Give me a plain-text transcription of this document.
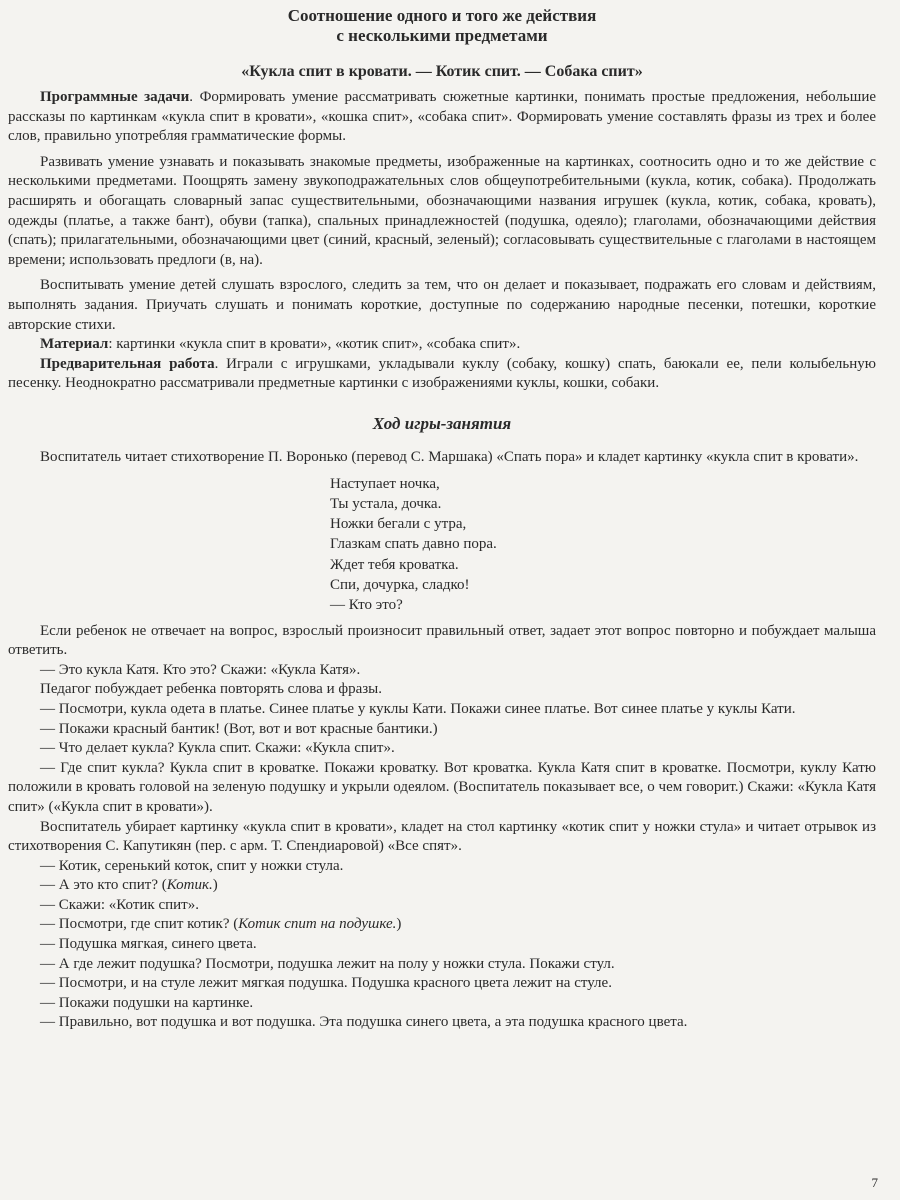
Соотношение одного и того же действия
с несколькими предметами
«Кукла спит в кровати. — Котик спит. — Собака спит»

Программные задачи. Формировать умение рассматривать сюжетные картинки, понимать простые предложения, небольшие рассказы по картинкам «кукла спит в кровати», «кошка спит», «собака спит». Формировать умение составлять фразы из трех и более слов, правильно употребляя грамматические формы.

Развивать умение узнавать и показывать знакомые предметы, изображенные на картинках, соотносить одно и то же действие с несколькими предметами. Поощрять замену звукоподражательных слов общеупотребительными (кукла, котик, собака). Продолжать расширять и обогащать словарный запас существительными, обозначающими названия игрушек (кукла, котик, собака, кровать), одежды (платье, а также бант), обуви (тапка), спальных принадлежностей (подушка, одеяло); глаголами, обозначающими действия (спать); прилагательными, обозначающими цвет (синий, красный, зеленый); согласовывать существительные с глаголами в настоящем времени; использовать предлоги (в, на).

Воспитывать умение детей слушать взрослого, следить за тем, что он делает и показывает, подражать его словам и действиям, выполнять задания. Приучать слушать и понимать короткие, доступные по содержанию народные песенки, потешки, короткие авторские стихи.

Материал: картинки «кукла спит в кровати», «котик спит», «собака спит».

Предварительная работа. Играли с игрушками, укладывали куклу (собаку, кошку) спать, баюкали ее, пели колыбельную песенку. Неоднократно рассматривали предметные картинки с изображениями куклы, кошки, собаки.

Ход игры-занятия

Воспитатель читает стихотворение П. Воронько (перевод С. Маршака) «Спать пора» и кладет картинку «кукла спит в кровати».

Наступает ночка,
Ты устала, дочка.
Ножки бегали с утра,
Глазкам спать давно пора.
Ждет тебя кроватка.
Спи, дочурка, сладко!
— Кто это?

Если ребенок не отвечает на вопрос, взрослый произносит правильный ответ, задает этот вопрос повторно и побуждает малыша ответить.

— Это кукла Катя. Кто это? Скажи: «Кукла Катя».

Педагог побуждает ребенка повторять слова и фразы.

— Посмотри, кукла одета в платье. Синее платье у куклы Кати. Покажи синее платье. Вот синее платье у куклы Кати.

— Покажи красный бантик! (Вот, вот и вот красные бантики.)

— Что делает кукла? Кукла спит. Скажи: «Кукла спит».

— Где спит кукла? Кукла спит в кроватке. Покажи кроватку. Вот кроватка. Кукла Катя спит в кроватке. Посмотри, куклу Катю положили в кровать головой на зеленую подушку и укрыли одеялом. (Воспитатель показывает все, о чем говорит.) Скажи: «Кукла Катя спит» («Кукла спит в кровати»).

Воспитатель убирает картинку «кукла спит в кровати», кладет на стол картинку «котик спит у ножки стула» и читает отрывок из стихотворения С. Капутикян (пер. с арм. Т. Спендиаровой) «Все спят».

— Котик, серенький коток, спит у ножки стула.

— А это кто спит? (Котик.)

— Скажи: «Котик спит».

— Посмотри, где спит котик? (Котик спит на подушке.)

— Подушка мягкая, синего цвета.

— А где лежит подушка? Посмотри, подушка лежит на полу у ножки стула. Покажи стул.

— Посмотри, и на стуле лежит мягкая подушка. Подушка красного цвета лежит на стуле.

— Покажи подушки на картинке.

— Правильно, вот подушка и вот подушка. Эта подушка синего цвета, а эта подушка красного цвета.

7
